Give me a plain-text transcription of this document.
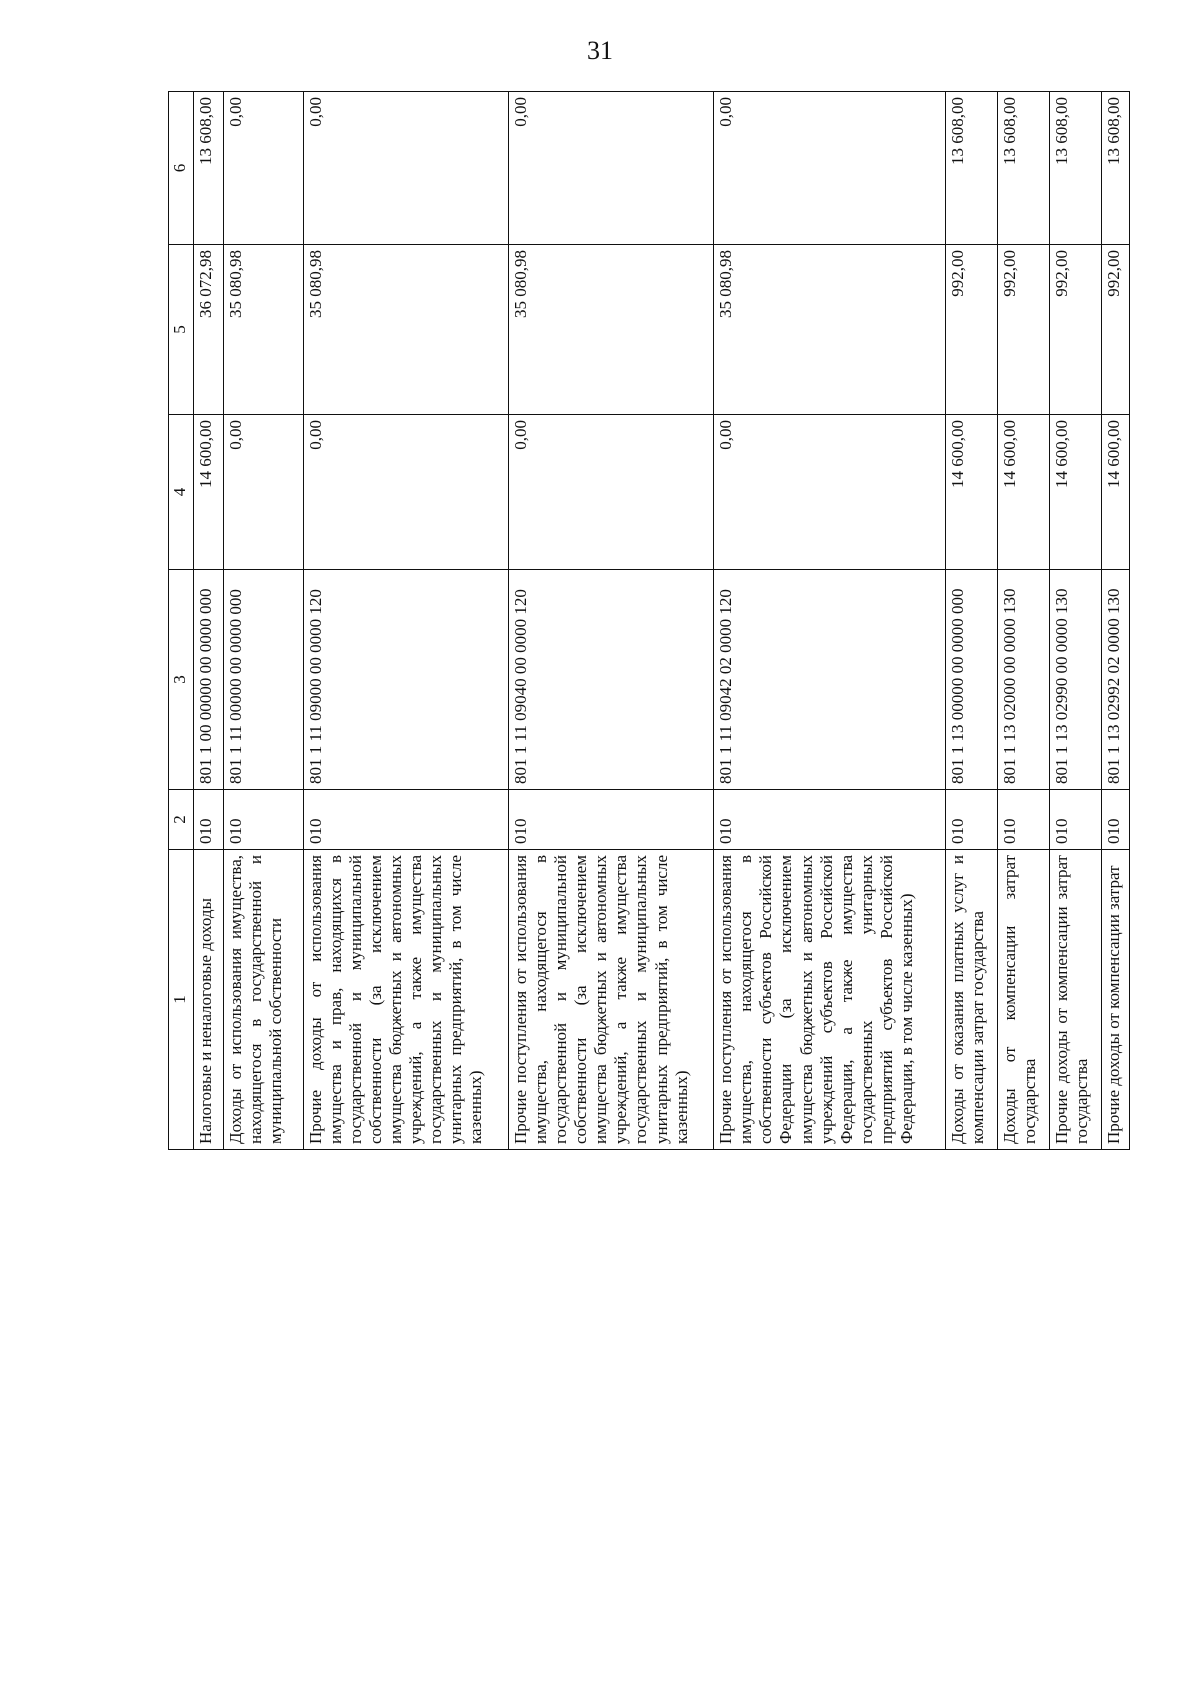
31
1	2	3	4	5	6
Налоговые и неналоговые доходы	010	801 1 00 00000 00 0000 000	14 600,00	36 072,98	13 608,00
Доходы от использования имущества, находящегося в государственной и муниципальной собственности	010	801 1 11 00000 00 0000 000	0,00	35 080,98	0,00
Прочие доходы от использования имущества и прав, находящихся в государственной и муниципальной собственности (за исключением имущества бюджетных и автономных учреждений, а также имущества государственных и муниципальных унитарных предприятий, в том числе казенных)	010	801 1 11 09000 00 0000 120	0,00	35 080,98	0,00
Прочие поступления от использования имущества, находящегося в государственной и муниципальной собственности (за исключением имущества бюджетных и автономных учреждений, а также имущества государственных и муниципальных унитарных предприятий, в том числе казенных)	010	801 1 11 09040 00 0000 120	0,00	35 080,98	0,00
Прочие поступления от использования имущества, находящегося в собственности субъектов Российской Федерации (за исключением имущества бюджетных и автономных учреждений субъектов Российской Федерации, а также имущества государственных унитарных предприятий субъектов Российской Федерации, в том числе казенных)	010	801 1 11 09042 02 0000 120	0,00	35 080,98	0,00
Доходы от оказания платных услуг и компенсации затрат государства	010	801 1 13 00000 00 0000 000	14 600,00	992,00	13 608,00
Доходы от компенсации затрат государства	010	801 1 13 02000 00 0000 130	14 600,00	992,00	13 608,00
Прочие доходы от компенсации затрат государства	010	801 1 13 02990 00 0000 130	14 600,00	992,00	13 608,00
Прочие доходы от компенсации затрат	010	801 1 13 02992 02 0000 130	14 600,00	992,00	13 608,00
